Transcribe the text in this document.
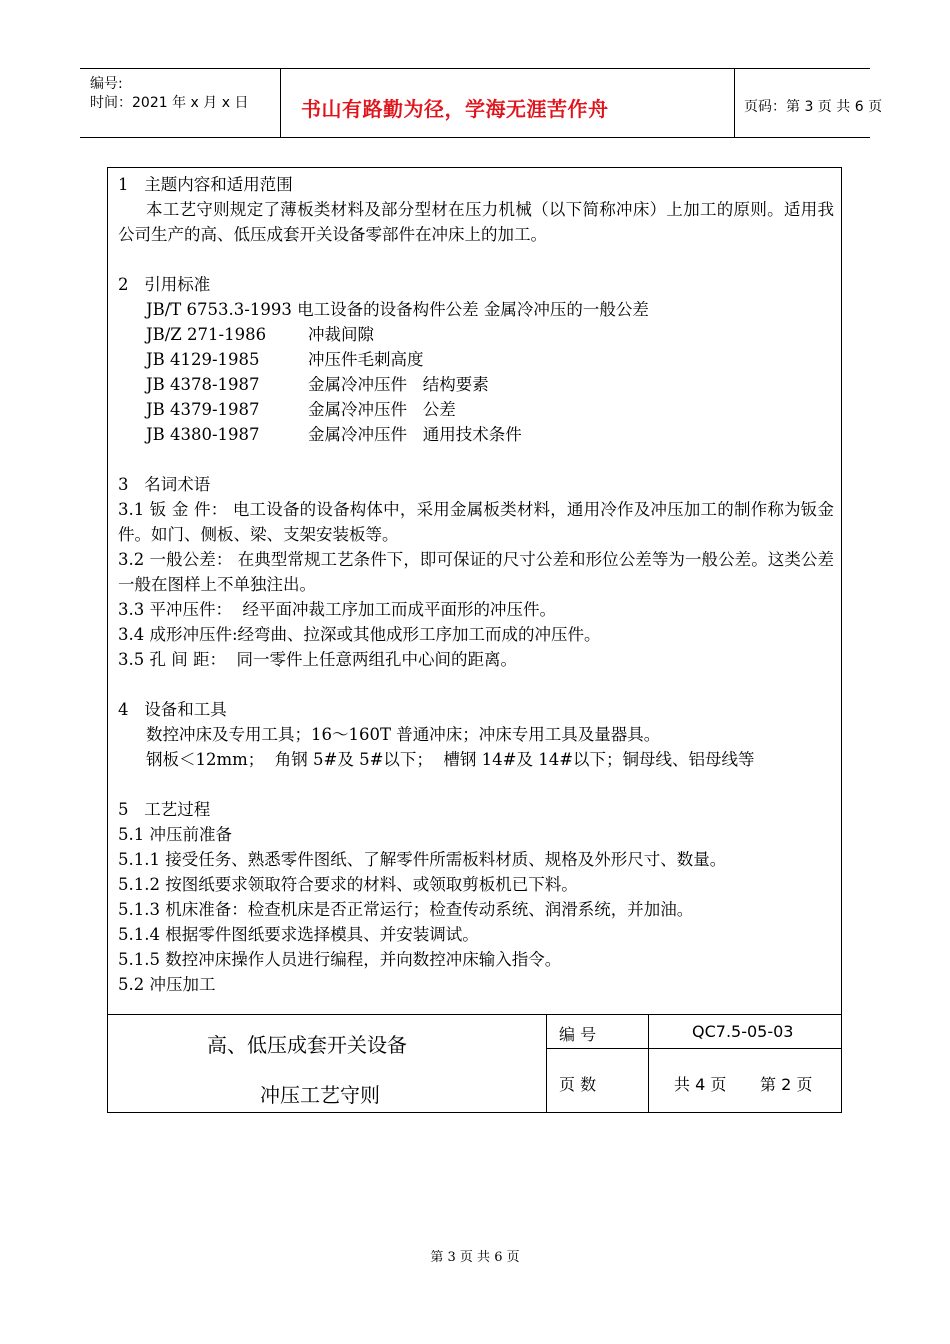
编号:
时间：2021 年 x 月 x 日	书山有路勤为径，学海无涯苦作舟	页码：第 3 页 共 6 页
1   主题内容和适用范围
本工艺守则规定了薄板类材料及部分型材在压力机械（以下简称冲床）上加工的原则。适用我公司生产的高、低压成套开关设备零部件在冲床上的加工。
2   引用标准
JB/T 6753.3-1993 电工设备的设备构件公差 金属冷冲压的一般公差
JB/Z 271-1986	冲裁间隙
JB 4129-1985	冲压件毛刺高度
JB 4378-1987	金属冷冲压件   结构要素
JB 4379-1987	金属冷冲压件   公差
JB 4380-1987	金属冷冲压件   通用技术条件
3   名词术语
3.1 钣 金 件： 电工设备的设备构体中，采用金属板类材料，通用冷作及冲压加工的制作称为钣金件。如门、侧板、梁、支架安装板等。
3.2 一般公差： 在典型常规工艺条件下，即可保证的尺寸公差和形位公差等为一般公差。这类公差一般在图样上不单独注出。
3.3 平冲压件：  经平面冲裁工序加工而成平面形的冲压件。
3.4 成形冲压件:经弯曲、拉深或其他成形工序加工而成的冲压件。
3.5 孔 间 距：  同一零件上任意两组孔中心间的距离。
4   设备和工具
数控冲床及专用工具；16～160T 普通冲床；冲床专用工具及量器具。
钢板＜12mm；  角钢 5#及 5#以下；  槽钢 14#及 14#以下；铜母线、铝母线等
5   工艺过程
5.1 冲压前准备
5.1.1 接受任务、熟悉零件图纸、了解零件所需板料材质、规格及外形尺寸、数量。
5.1.2 按图纸要求领取符合要求的材料、或领取剪板机已下料。
5.1.3 机床准备：检查机床是否正常运行；检查传动系统、润滑系统，并加油。
5.1.4 根据零件图纸要求选择模具、并安装调试。
5.1.5 数控冲床操作人员进行编程，并向数控冲床输入指令。
5.2 冲压加工
高、低压成套开关设备
冲压工艺守则
编 号	QC7.5-05-03
页 数	共 4 页 第 2 页
第 3 页 共 6 页
